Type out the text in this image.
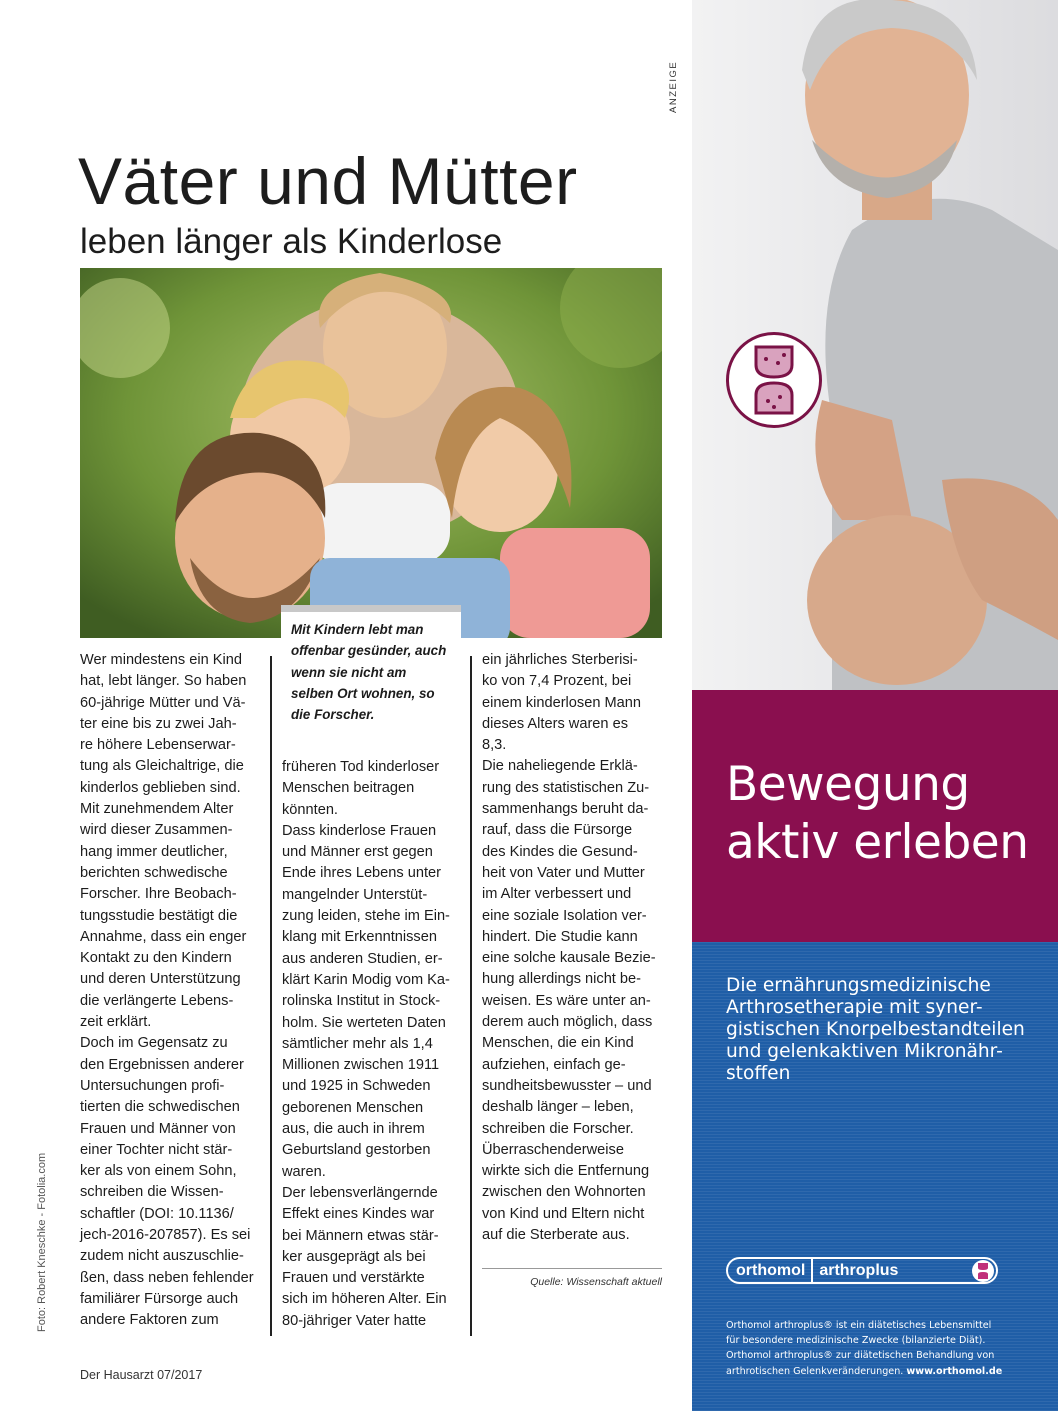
ANZEIGE
Väter und Mütter
leben länger als Kinderlose

Wer mindestens ein Kind

hat, lebt länger. So haben

60-jährige Mütter und Vä-

ter eine bis zu zwei Jah-

re höhere Lebenserwar-

tung als Gleichaltrige, die

kinderlos geblieben sind.

Mit zunehmendem Alter

wird dieser Zusammen-

hang immer deutlicher,

berichten schwedische

Forscher. Ihre Beobach-

tungsstudie bestätigt die

Annahme, dass ein enger

Kontakt zu den Kindern

und deren Unterstützung

die verlängerte Lebens-

zeit erklärt.

Doch im Gegensatz zu

den Ergebnissen anderer

Untersuchungen profi-

tierten die schwedischen

Frauen und Männer von

einer Tochter nicht stär-

ker als von einem Sohn,

schreiben die Wissen-

schaftler (DOI: 10.1136/

jech-2016-207857). Es sei

zudem nicht auszuschlie-

ßen, dass neben fehlender

familiärer Fürsorge auch

andere Faktoren zum

Mit Kindern lebt man offenbar gesünder, auch wenn sie nicht am selben Ort wohnen, so die Forscher.

früheren Tod kinderloser

Menschen beitragen

könnten.

Dass kinderlose Frauen

und Männer erst gegen

Ende ihres Lebens unter

mangelnder Unterstüt-

zung leiden, stehe im Ein-

klang mit Erkenntnissen

aus anderen Studien, er-

klärt Karin Modig vom Ka-

rolinska Institut in Stock-

holm. Sie werteten Daten

sämtlicher mehr als 1,4

Millionen zwischen 1911

und 1925 in Schweden

geborenen Menschen

aus, die auch in ihrem

Geburtsland gestorben

waren.

Der lebensverlängernde

Effekt eines Kindes war

bei Männern etwas stär-

ker ausgeprägt als bei

Frauen und verstärkte

sich im höheren Alter. Ein

80-jähriger Vater hatte

ein jährliches Sterberisi-

ko von 7,4 Prozent, bei

einem kinderlosen Mann

dieses Alters waren es

8,3.

Die naheliegende Erklä-

rung des statistischen Zu-

sammenhangs beruht da-

rauf, dass die Fürsorge

des Kindes die Gesund-

heit von Vater und Mutter

im Alter verbessert und

eine soziale Isolation ver-

hindert. Die Studie kann

eine solche kausale Bezie-

hung allerdings nicht be-

weisen. Es wäre unter an-

derem auch möglich, dass

Menschen, die ein Kind

aufziehen, einfach ge-

sundheitsbewusster – und

deshalb länger – leben,

schreiben die Forscher.

Überraschenderweise

wirkte sich die Entfernung

zwischen den Wohnorten

von Kind und Eltern nicht

auf die Sterberate aus.

Quelle: Wissenschaft aktuell
Foto: Robert Kneschke - Fotolia.com
Der Hausarzt 07/2017
Bewegung
aktiv erleben
Die ernährungsmedizinische
Arthrosetherapie mit syner-
gistischen Knorpelbestandteilen
und gelenkaktiven Mikronähr-
stoffen
orthomol arthroplus
Orthomol arthroplus® ist ein diätetisches Lebensmittel
für besondere medizinische Zwecke (bilanzierte Diät).
Orthomol arthroplus® zur diätetischen Behandlung von
arthrotischen Gelenkveränderungen. www.orthomol.de
